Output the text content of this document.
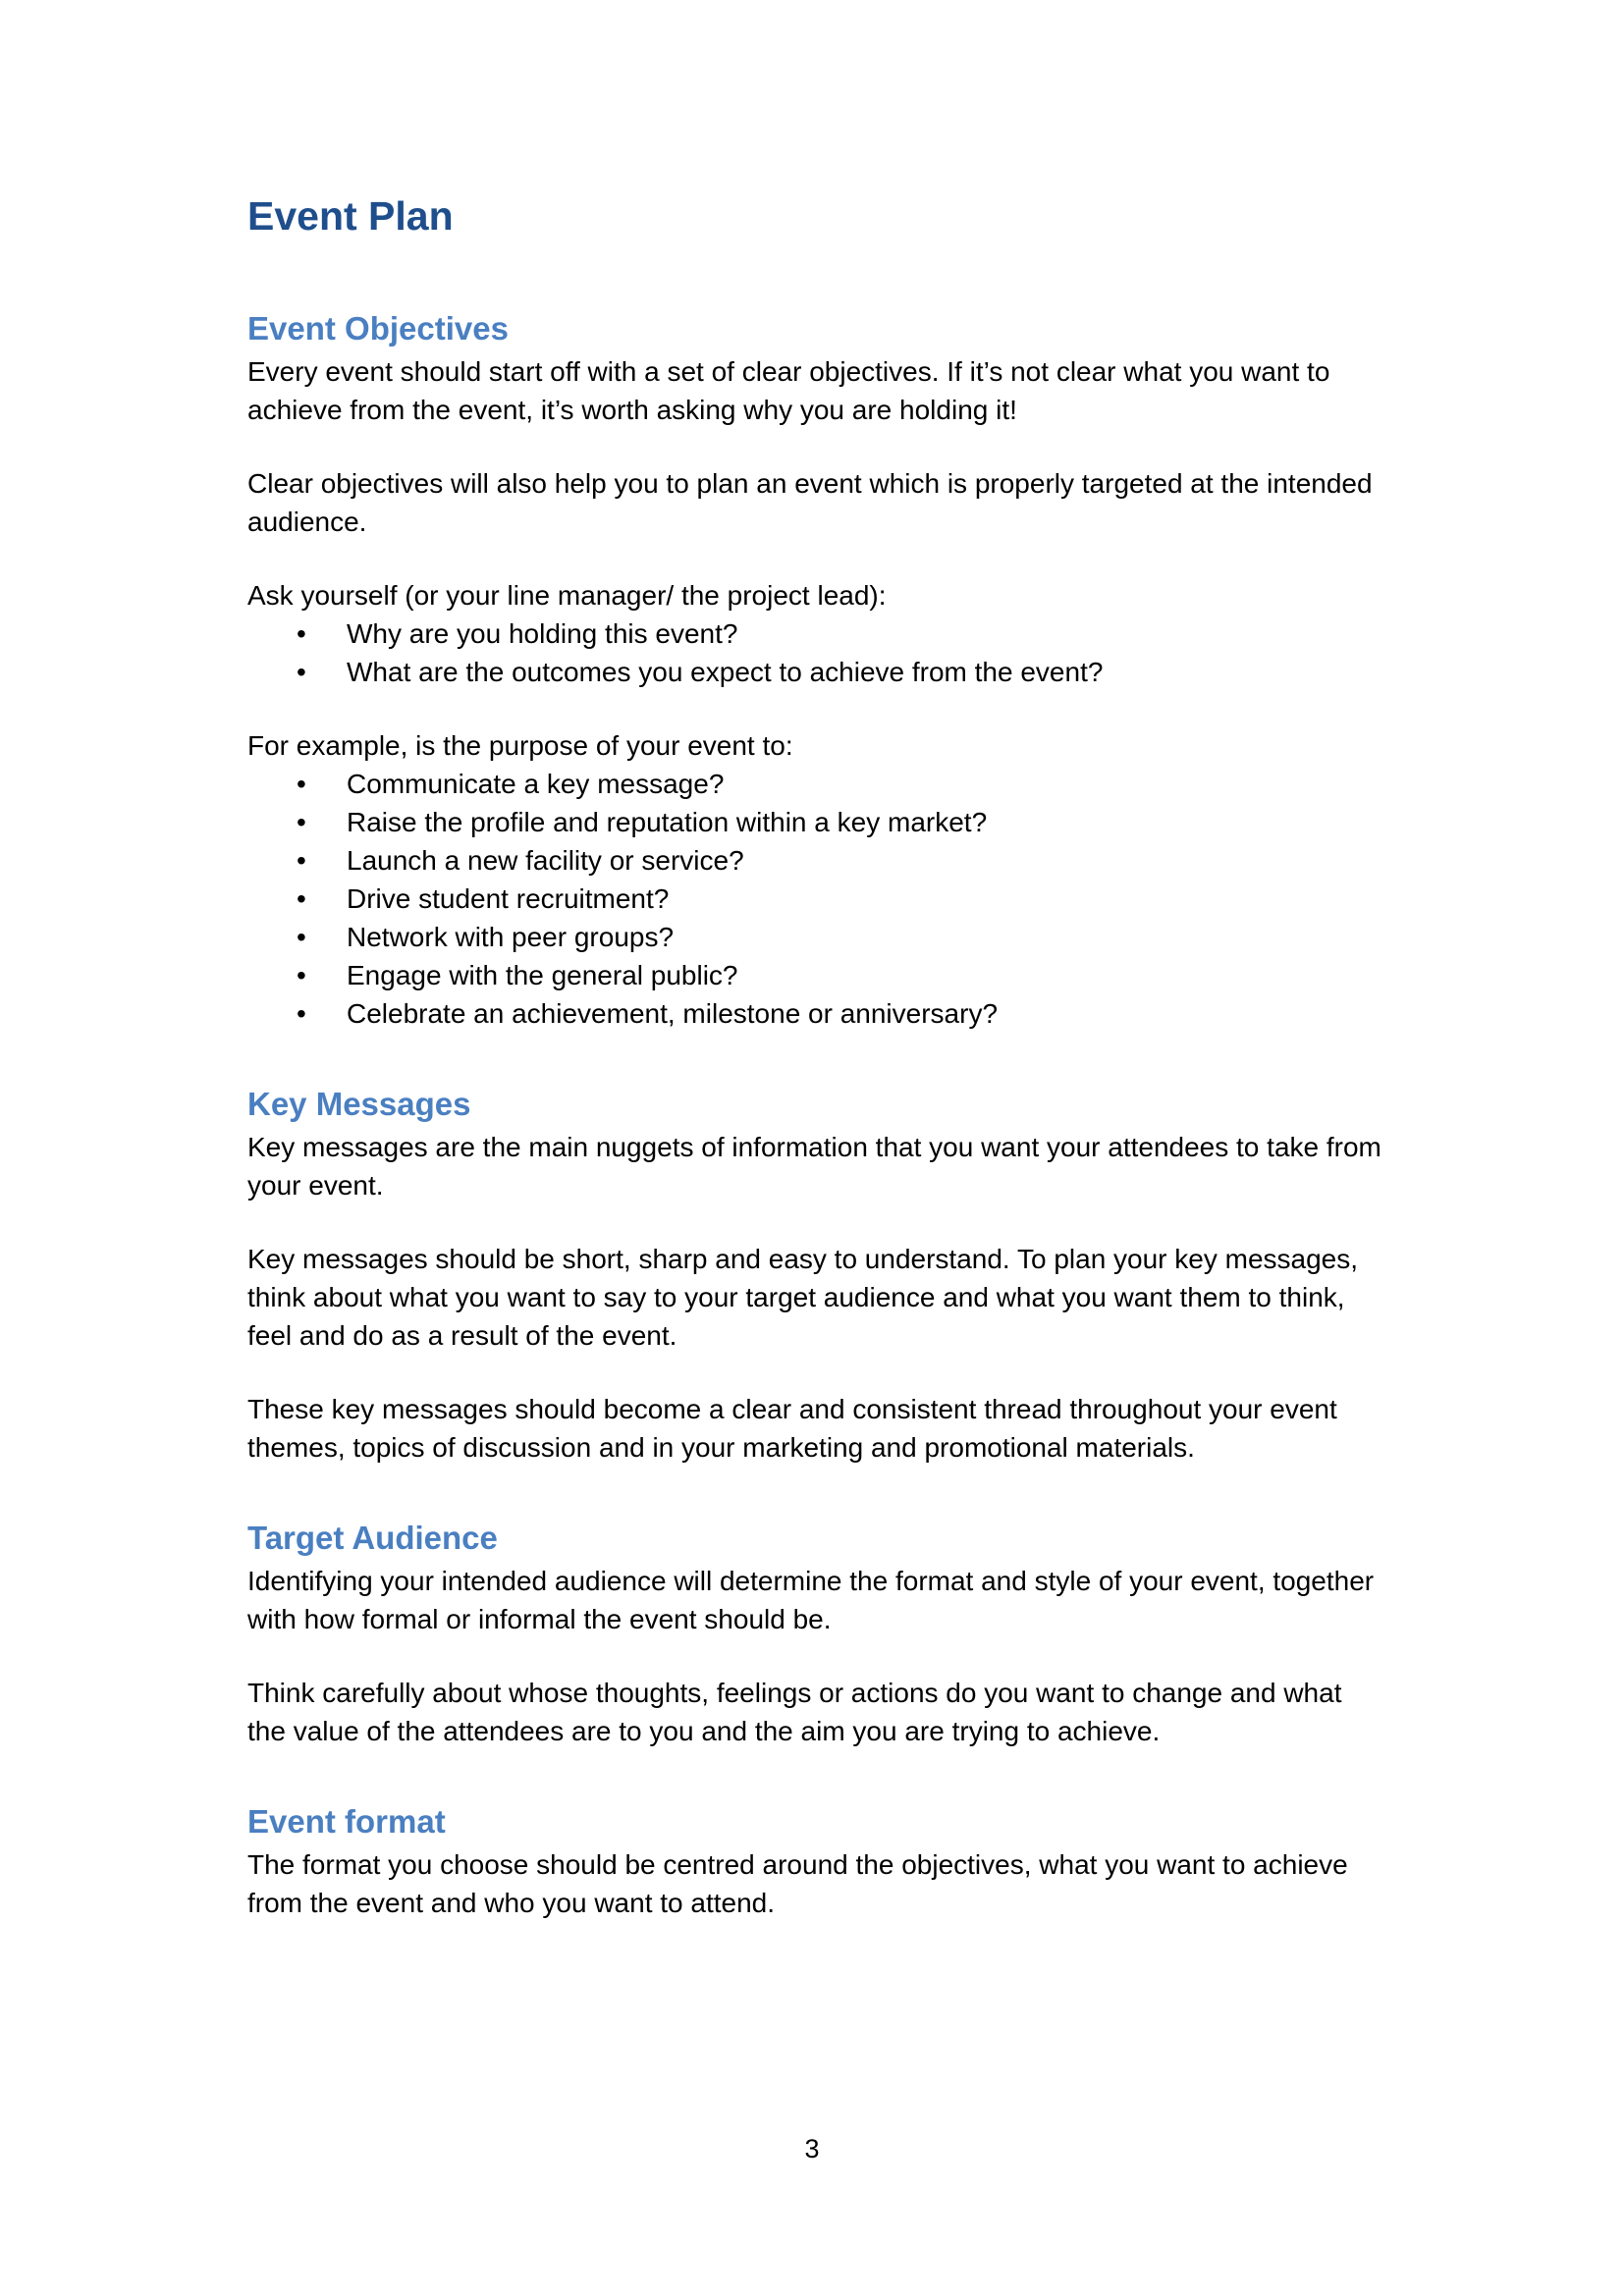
Event Plan
Event Objectives

Every event should start off with a set of clear objectives. If it’s not clear what you want to achieve from the event, it’s worth asking why you are holding it!

Clear objectives will also help you to plan an event which is properly targeted at the intended audience.

Ask yourself (or your line manager/ the project lead):

• Why are you holding this event?
• What are the outcomes you expect to achieve from the event?

For example, is the purpose of your event to:

• Communicate a key message?
• Raise the profile and reputation within a key market?
• Launch a new facility or service?
• Drive student recruitment?
• Network with peer groups?
• Engage with the general public?
• Celebrate an achievement, milestone or anniversary?
Key Messages

Key messages are the main nuggets of information that you want your attendees to take from your event.

Key messages should be short, sharp and easy to understand. To plan your key messages, think about what you want to say to your target audience and what you want them to think, feel and do as a result of the event.

These key messages should become a clear and consistent thread throughout your event themes, topics of discussion and in your marketing and promotional materials.

Target Audience

Identifying your intended audience will determine the format and style of your event, together with how formal or informal the event should be.

Think carefully about whose thoughts, feelings or actions do you want to change and what the value of the attendees are to you and the aim you are trying to achieve.

Event format

The format you choose should be centred around the objectives, what you want to achieve from the event and who you want to attend.

3
